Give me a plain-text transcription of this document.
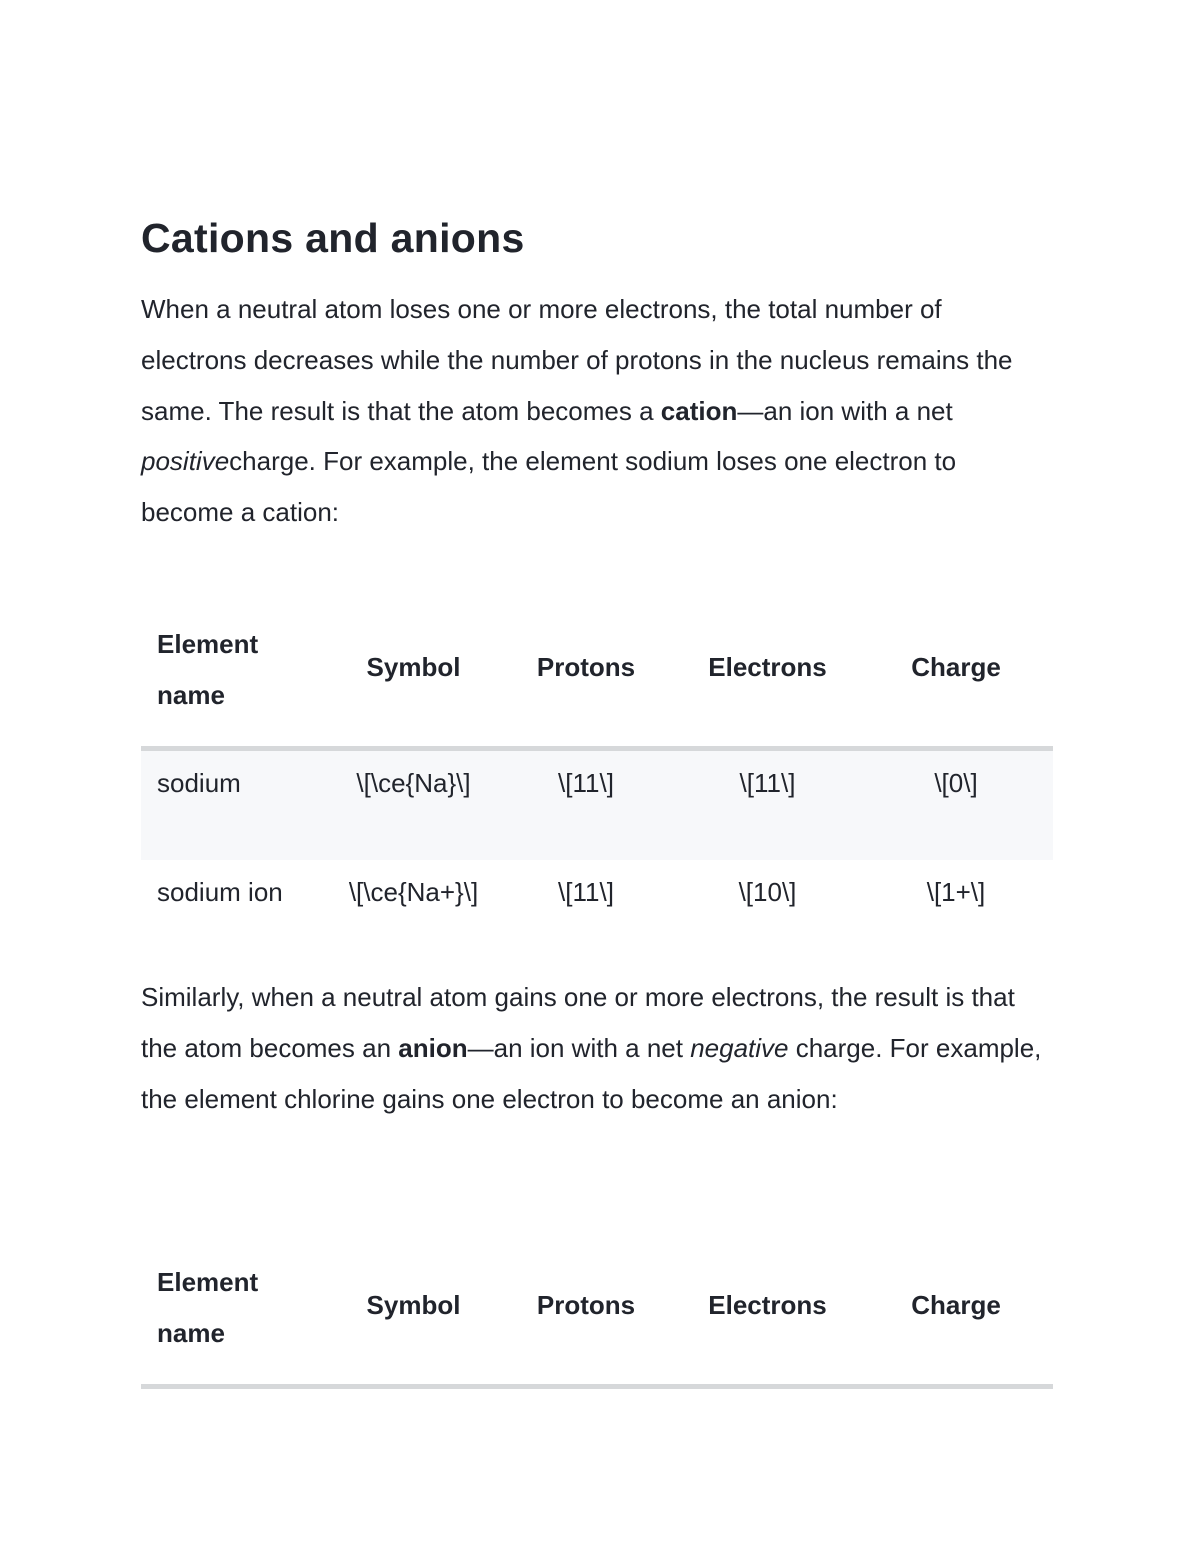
Cations and anions

When a neutral atom loses one or more electrons, the total number of electrons decreases while the number of protons in the nucleus remains the same. The result is that the atom becomes a cation—an ion with a net positivecharge. For example, the element sodium loses one electron to become a cation:

Element name	Symbol	Protons	Electrons	Charge
sodium	\[\ce{Na}\]	\[11\]	\[11\]	\[0\]
sodium ion	\[\ce{Na+}\]	\[11\]	\[10\]	\[1+\]

Similarly, when a neutral atom gains one or more electrons, the result is that the atom becomes an anion—an ion with a net negative charge. For example, the element chlorine gains one electron to become an anion:

Element name	Symbol	Protons	Electrons	Charge
